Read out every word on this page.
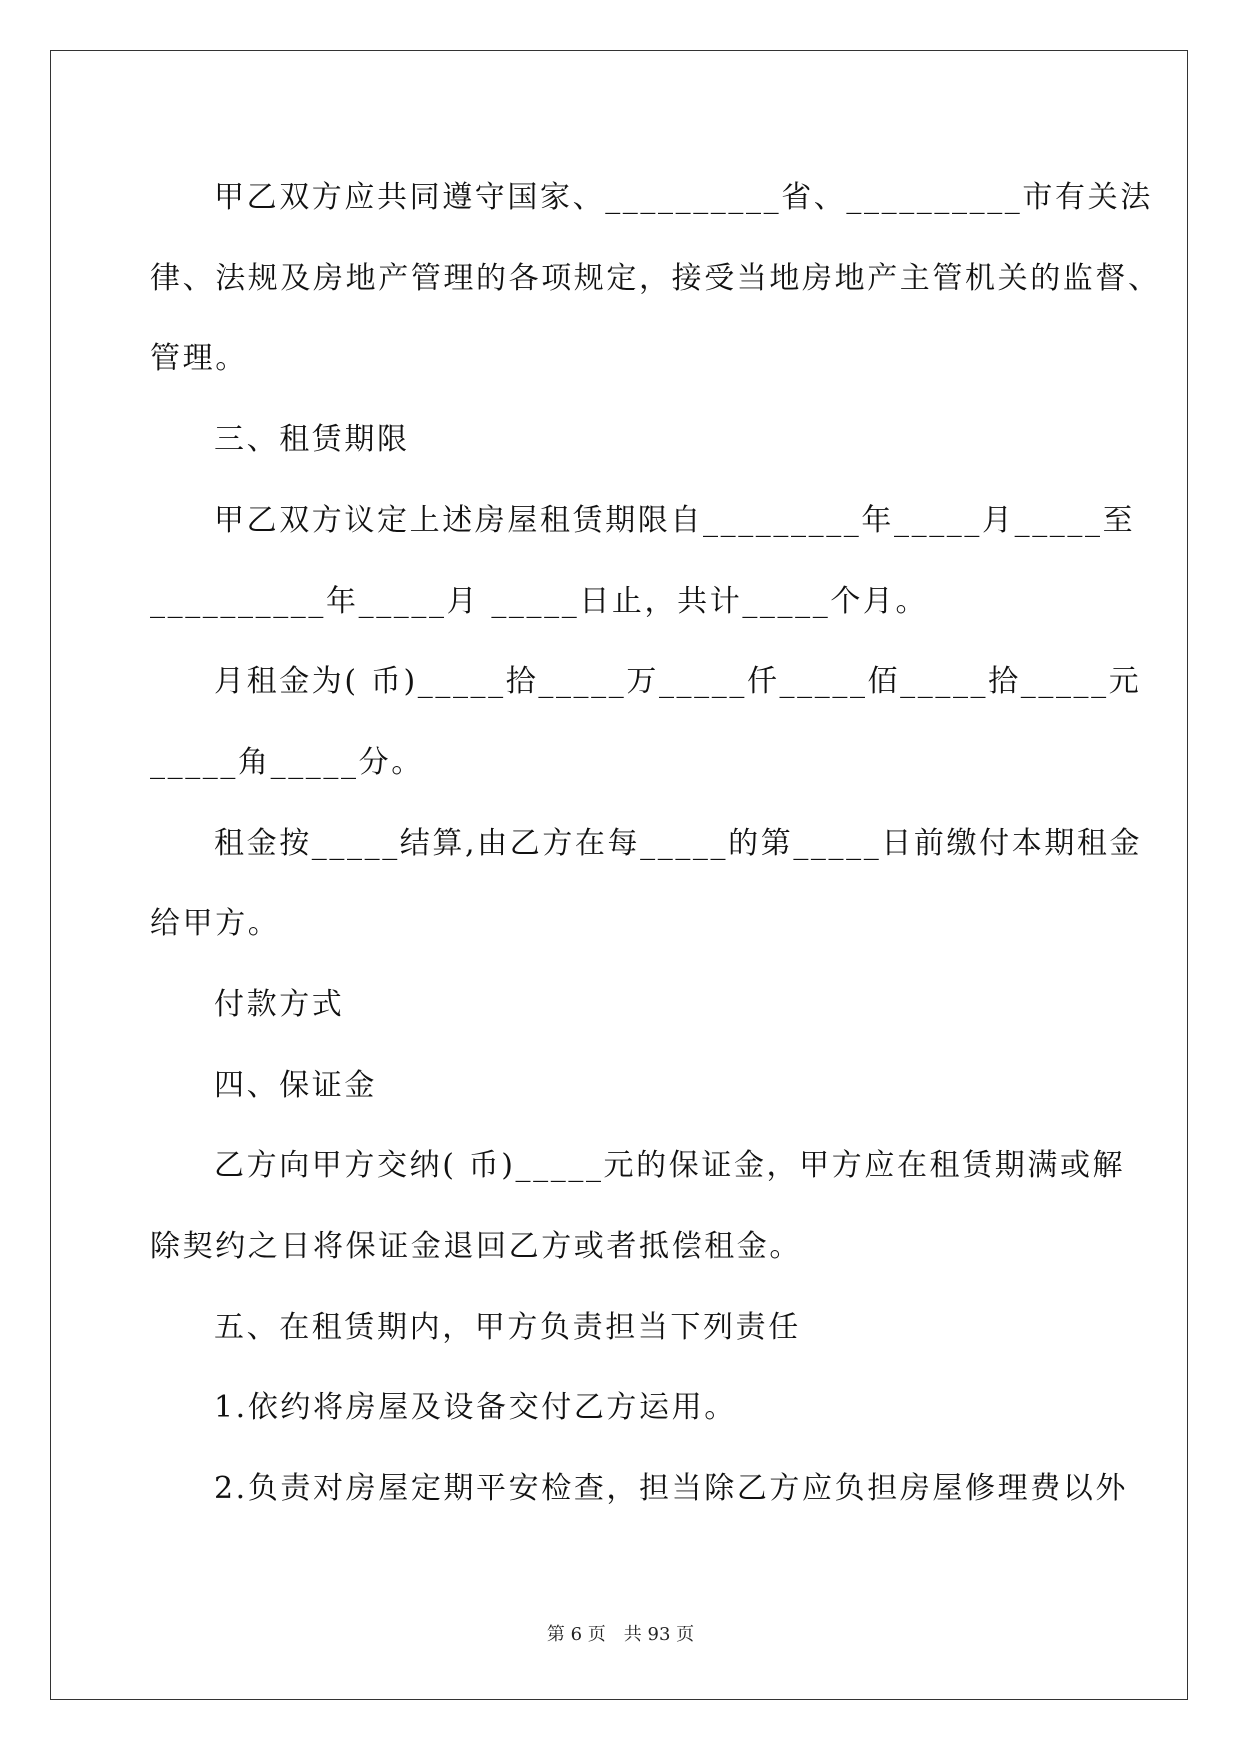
甲乙双方应共同遵守国家、__________省、__________市有关法
律、法规及房地产管理的各项规定，接受当地房地产主管机关的监督、
管理。
三、租赁期限
甲乙双方议定上述房屋租赁期限自_________年_____月_____至
__________年_____月 _____日止，共计_____个月。
月租金为( 币)_____拾_____万_____仟_____佰_____拾_____元
_____角_____分。
租金按_____结算,由乙方在每_____的第_____日前缴付本期租金
给甲方。
付款方式
四、保证金
乙方向甲方交纳( 币)_____元的保证金，甲方应在租赁期满或解
除契约之日将保证金退回乙方或者抵偿租金。
五、在租赁期内，甲方负责担当下列责任
1.依约将房屋及设备交付乙方运用。
2.负责对房屋定期平安检查，担当除乙方应负担房屋修理费以外
第 6 页　共 93 页
